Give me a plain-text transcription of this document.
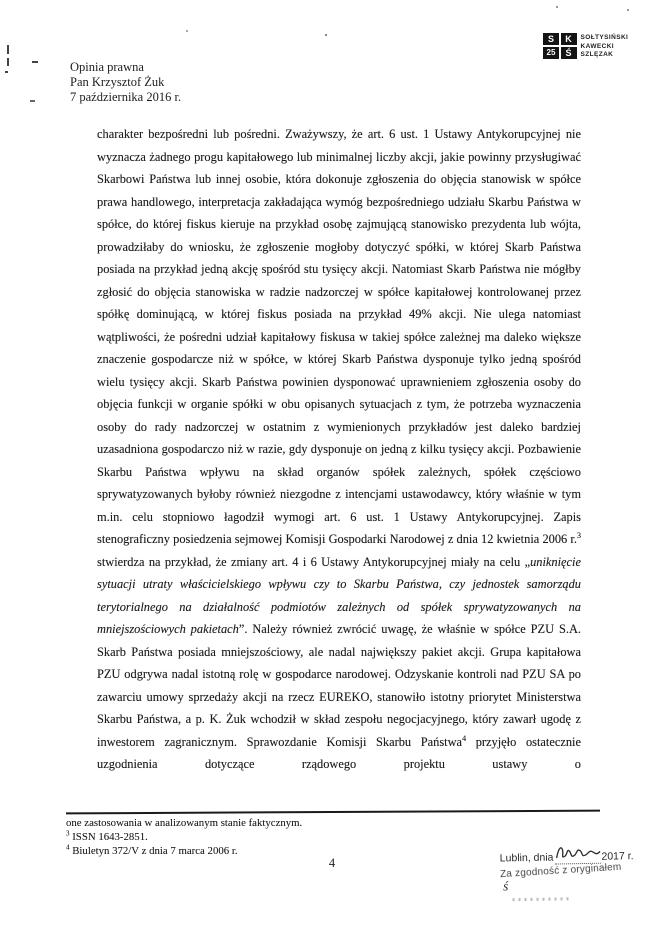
S	K
25	Ś
SOŁTYSIŃSKI
KAWECKI
SZLĘZAK
Opinia prawna
Pan Krzysztof Żuk
7 października 2016 r.
charakter bezpośredni lub pośredni. Zważywszy, że art. 6 ust. 1 Ustawy Antykorupcyjnej nie wyznacza żadnego progu kapitałowego lub minimalnej liczby akcji, jakie powinny przysługiwać Skarbowi Państwa lub innej osobie, która dokonuje zgłoszenia do objęcia stanowisk w spółce prawa handlowego, interpretacja zakładająca wymóg bezpośredniego udziału Skarbu Państwa w spółce, do której fiskus kieruje na przykład osobę zajmującą stanowisko prezydenta lub wójta, prowadziłaby do wniosku, że zgłoszenie mogłoby dotyczyć spółki, w której Skarb Państwa posiada na przykład jedną akcję spośród stu tysięcy akcji. Natomiast Skarb Państwa nie mógłby zgłosić do objęcia stanowiska w radzie nadzorczej w spółce kapitałowej kontrolowanej przez spółkę dominującą, w której fiskus posiada na przykład 49% akcji. Nie ulega natomiast wątpliwości, że pośredni udział kapitałowy fiskusa w takiej spółce zależnej ma daleko większe znaczenie gospodarcze niż w spółce, w której Skarb Państwa dysponuje tylko jedną spośród wielu tysięcy akcji. Skarb Państwa powinien dysponować uprawnieniem zgłoszenia osoby do objęcia funkcji w organie spółki w obu opisanych sytuacjach z tym, że potrzeba wyznaczenia osoby do rady nadzorczej w ostatnim z wymienionych przykładów jest daleko bardziej uzasadniona gospodarczo niż w razie, gdy dysponuje on jedną z kilku tysięcy akcji. Pozbawienie Skarbu Państwa wpływu na skład organów spółek zależnych, spółek częściowo sprywatyzowanych byłoby również niezgodne z intencjami ustawodawcy, który właśnie w tym m.in. celu stopniowo łagodził wymogi art. 6 ust. 1 Ustawy Antykorupcyjnej. Zapis stenograficzny posiedzenia sejmowej Komisji Gospodarki Narodowej z dnia 12 kwietnia 2006 r.$^3$ stwierdza na przykład, że zmiany art. 4 i 6 Ustawy Antykorupcyjnej miały na celu „uniknięcie sytuacji utraty właścicielskiego wpływu czy to Skarbu Państwa, czy jednostek samorządu terytorialnego na działalność podmiotów zależnych od spółek sprywatyzowanych na mniejszościowych pakietach”. Należy również zwrócić uwagę, że właśnie w spółce PZU S.A. Skarb Państwa posiada mniejszościowy, ale nadal największy pakiet akcji. Grupa kapitałowa PZU odgrywa nadal istotną rolę w gospodarce narodowej. Odzyskanie kontroli nad PZU SA po zawarciu umowy sprzedaży akcji na rzecz EUREKO, stanowiło istotny priorytet Ministerstwa Skarbu Państwa, a p. K. Żuk wchodził w skład zespołu negocjacyjnego, który zawarł ugodę z inwestorem zagranicznym. Sprawozdanie Komisji Skarbu Państwa$^4$ przyjęło ostatecznie uzgodnienia dotyczące rządowego projektu ustawy o
one zastosowania w analizowanym stanie faktycznym.
$^3$ ISSN 1643-2851.
$^4$ Biuletyn 372/V z dnia 7 marca 2006 r.
4	Lublin, dnia	2017 r.
Za zgodność z oryginałem
ś
